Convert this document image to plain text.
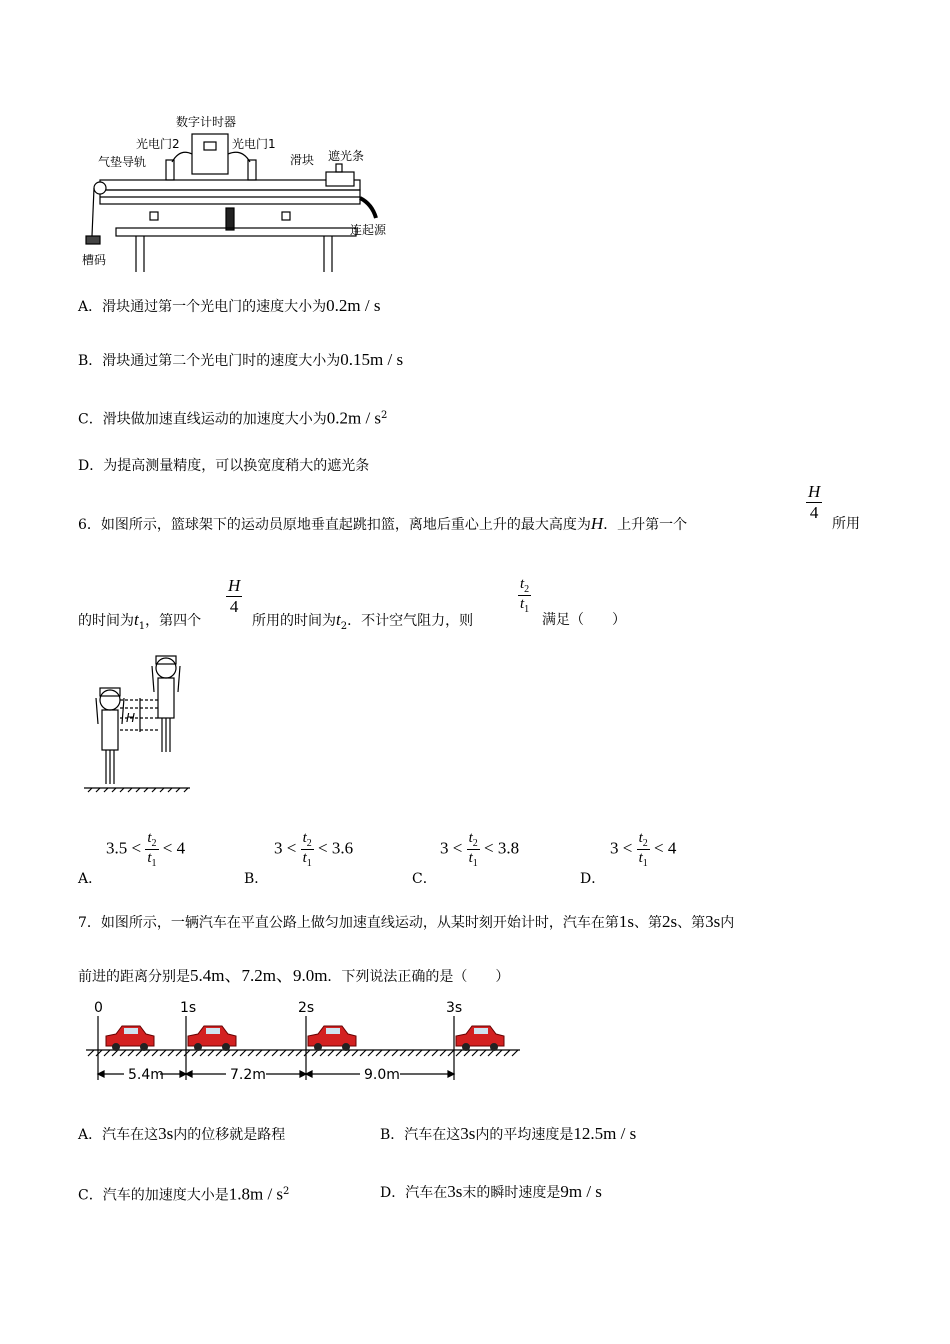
数字计时器
光电门2	光电门1
气垫导轨	滑块 遮光条
槽码
连起源
A．滑块通过第一个光电门的速度大小为0.2m / s
B．滑块通过第二个光电门时的速度大小为0.15m / s
C．滑块做加速直线运动的加速度大小为$0.2m / s^2$
D．为提高测量精度，可以换宽度稍大的遮光条
6．如图所示，篮球架下的运动员原地垂直起跳扣篮，离地后重心上升的最大高度为H．上升第一个
$\frac{H}{4}$
所用
的时间为$t_1$，第四个
$\frac{H}{4}$
所用的时间为$t_2$．不计空气阻力，则
$\frac{t_2}{t_1}$
满足（　　）
H
A．
$3.5 < \frac{t_2}{t_1} < 4$
B．
$3 < \frac{t_2}{t_1} < 3.6$
C．
$3 < \frac{t_2}{t_1} < 3.8$
D．
$3 < \frac{t_2}{t_1} < 4$
7．如图所示，一辆汽车在平直公路上做匀加速直线运动，从某时刻开始计时，汽车在第1s、第2s、第3s内
前进的距离分别是5.4m、7.2m、9.0m．下列说法正确的是（　　）
0	1s	2s	3s
5.4m	7.2m	9.0m
A．汽车在这3s内的位移就是路程	B．汽车在这3s内的平均速度是12.5m / s
C．汽车的加速度大小是$1.8m / s^2$	D．汽车在3s末的瞬时速度是9m / s
